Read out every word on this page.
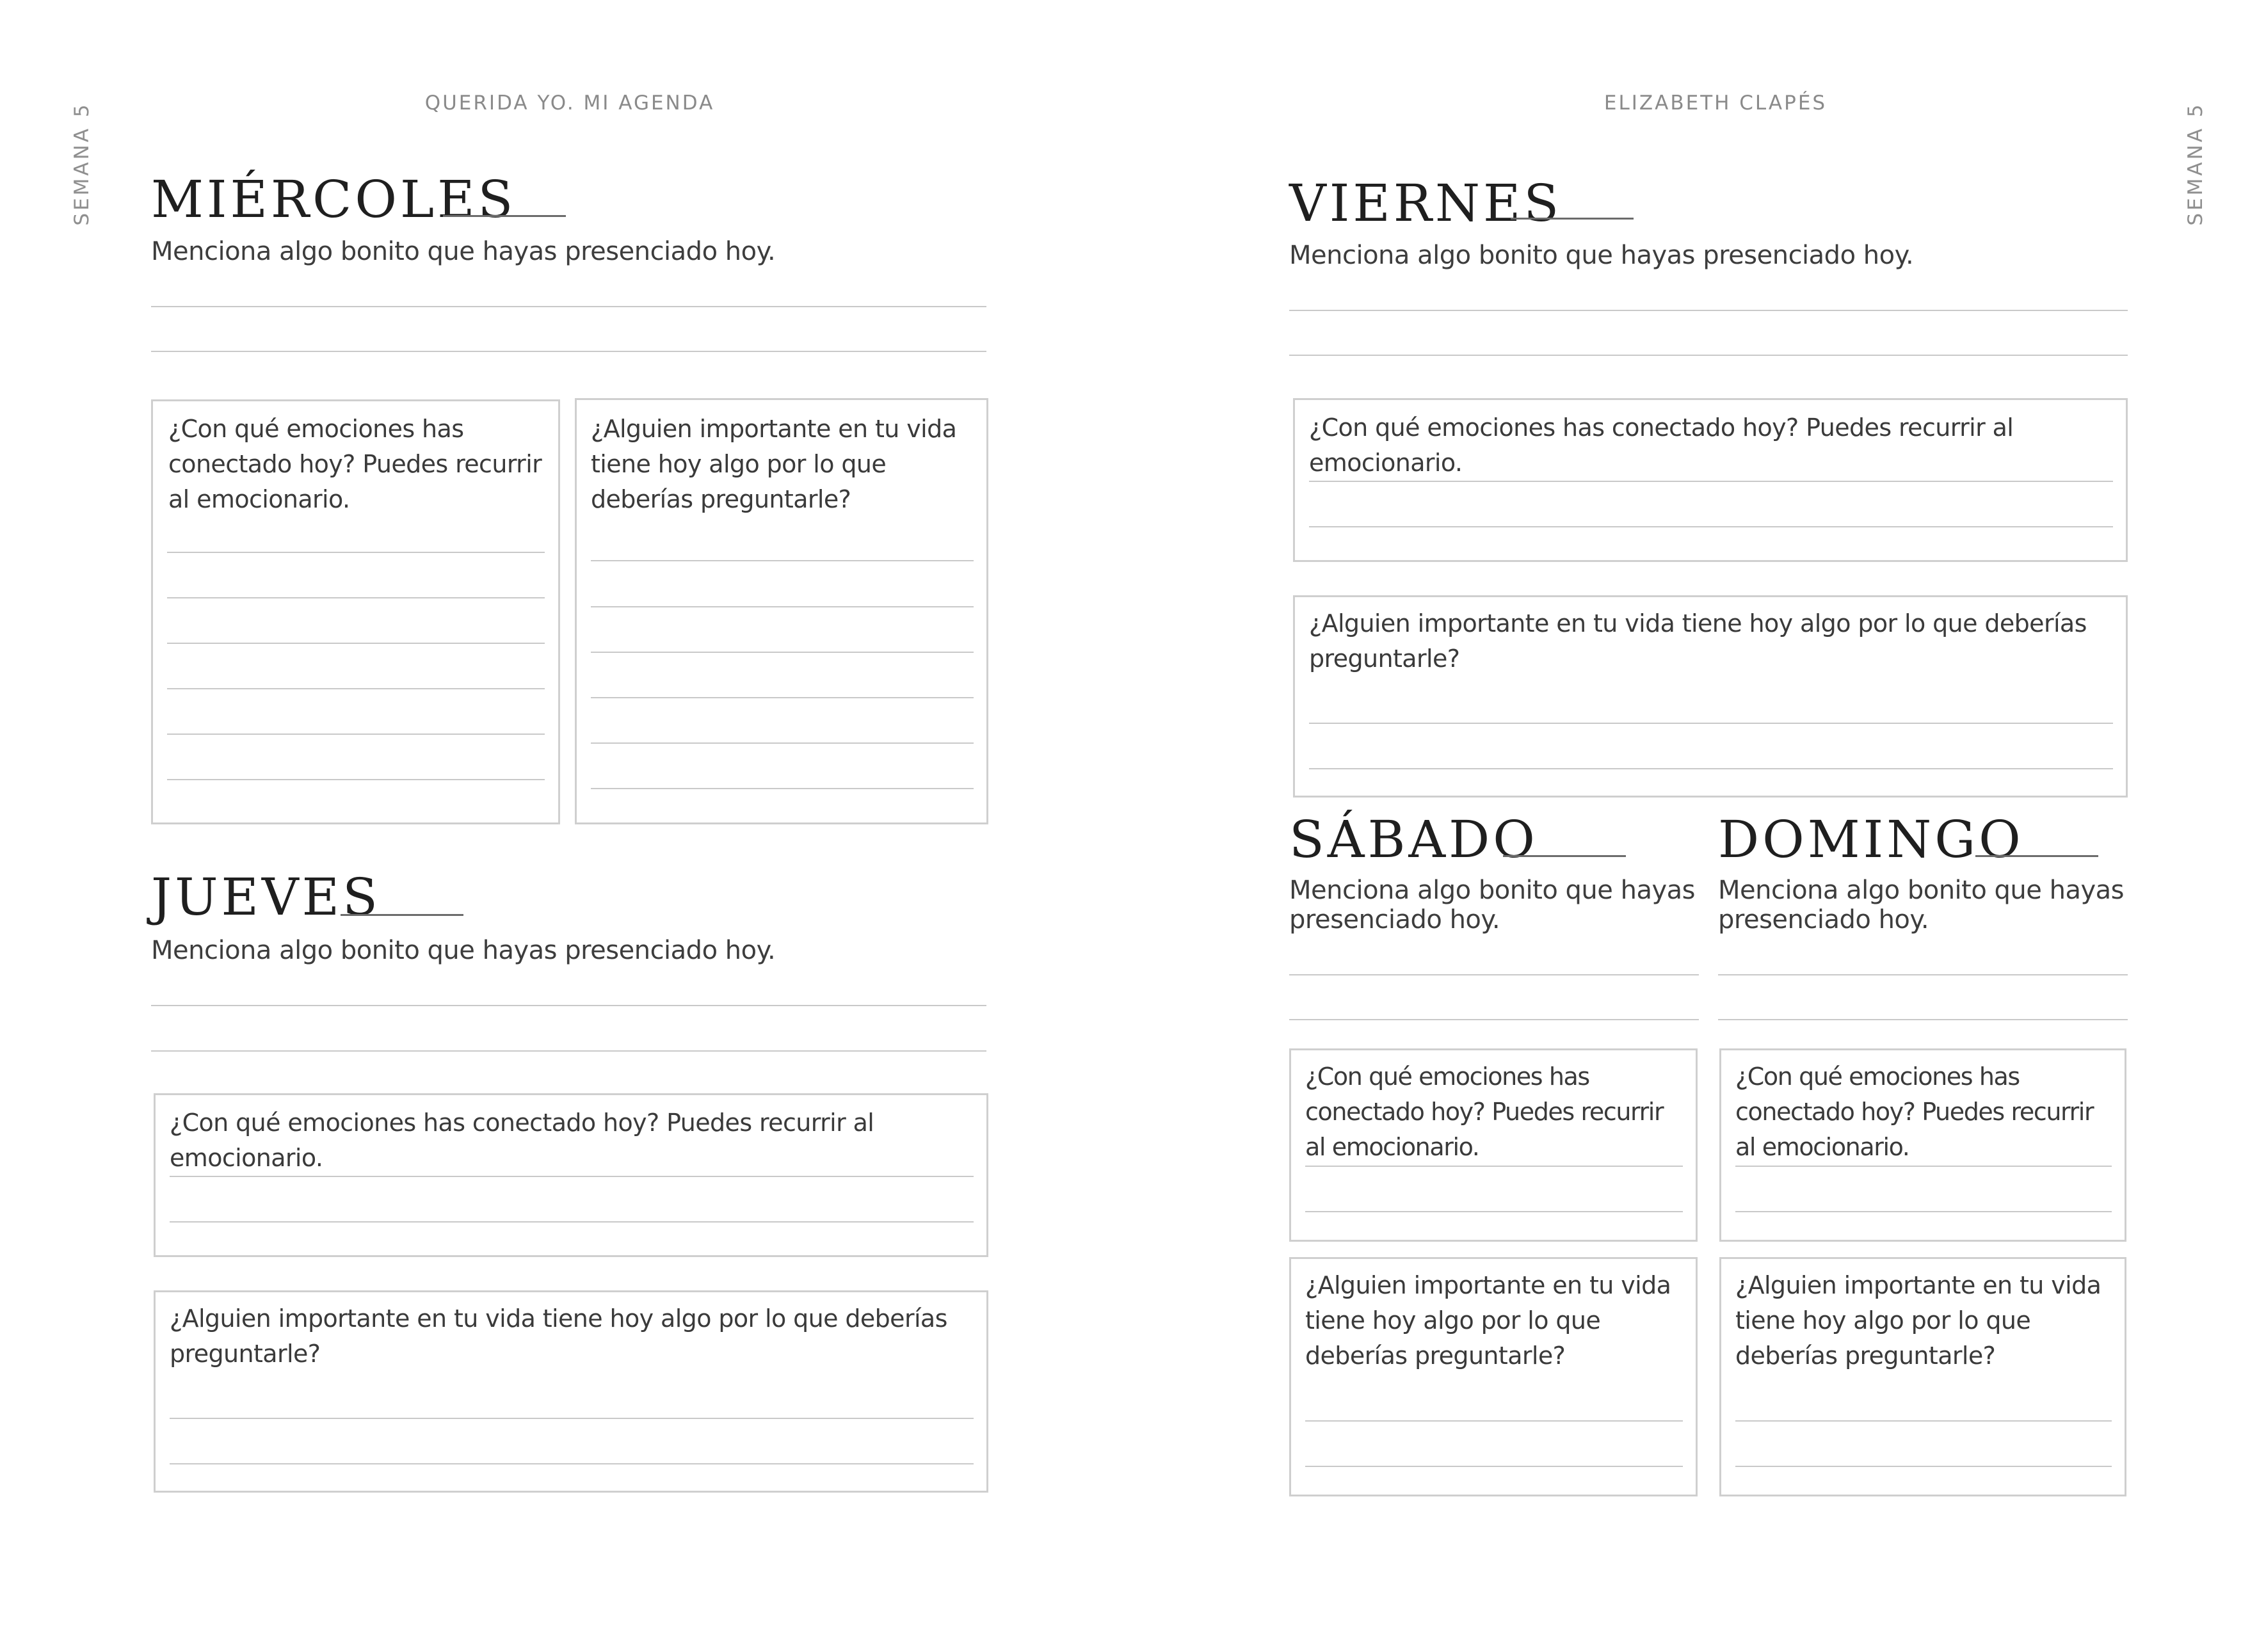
QUERIDA YO. MI AGENDA	ELIZABETH CLAPÉS
SEMANA 5	SEMANA 5
MIÉRCOLES
Menciona algo bonito que hayas presenciado hoy.
¿Con qué emociones has conectado hoy? Puedes recurrir al emocionario.
¿Alguien importante en tu vida tiene hoy algo por lo que deberías preguntarle?
JUEVES
Menciona algo bonito que hayas presenciado hoy.
¿Con qué emociones has conectado hoy? Puedes recurrir al emocionario.
¿Alguien importante en tu vida tiene hoy algo por lo que deberías preguntarle?
VIERNES
Menciona algo bonito que hayas presenciado hoy.
¿Con qué emociones has conectado hoy? Puedes recurrir al emocionario.
¿Alguien importante en tu vida tiene hoy algo por lo que deberías preguntarle?
SÁBADO
Menciona algo bonito que hayas presenciado hoy.
¿Con qué emociones has conectado hoy? Puedes recurrir al emocionario.
¿Alguien importante en tu vida tiene hoy algo por lo que deberías preguntarle?
DOMINGO
Menciona algo bonito que hayas presenciado hoy.
¿Con qué emociones has conectado hoy? Puedes recurrir al emocionario.
¿Alguien importante en tu vida tiene hoy algo por lo que deberías preguntarle?
